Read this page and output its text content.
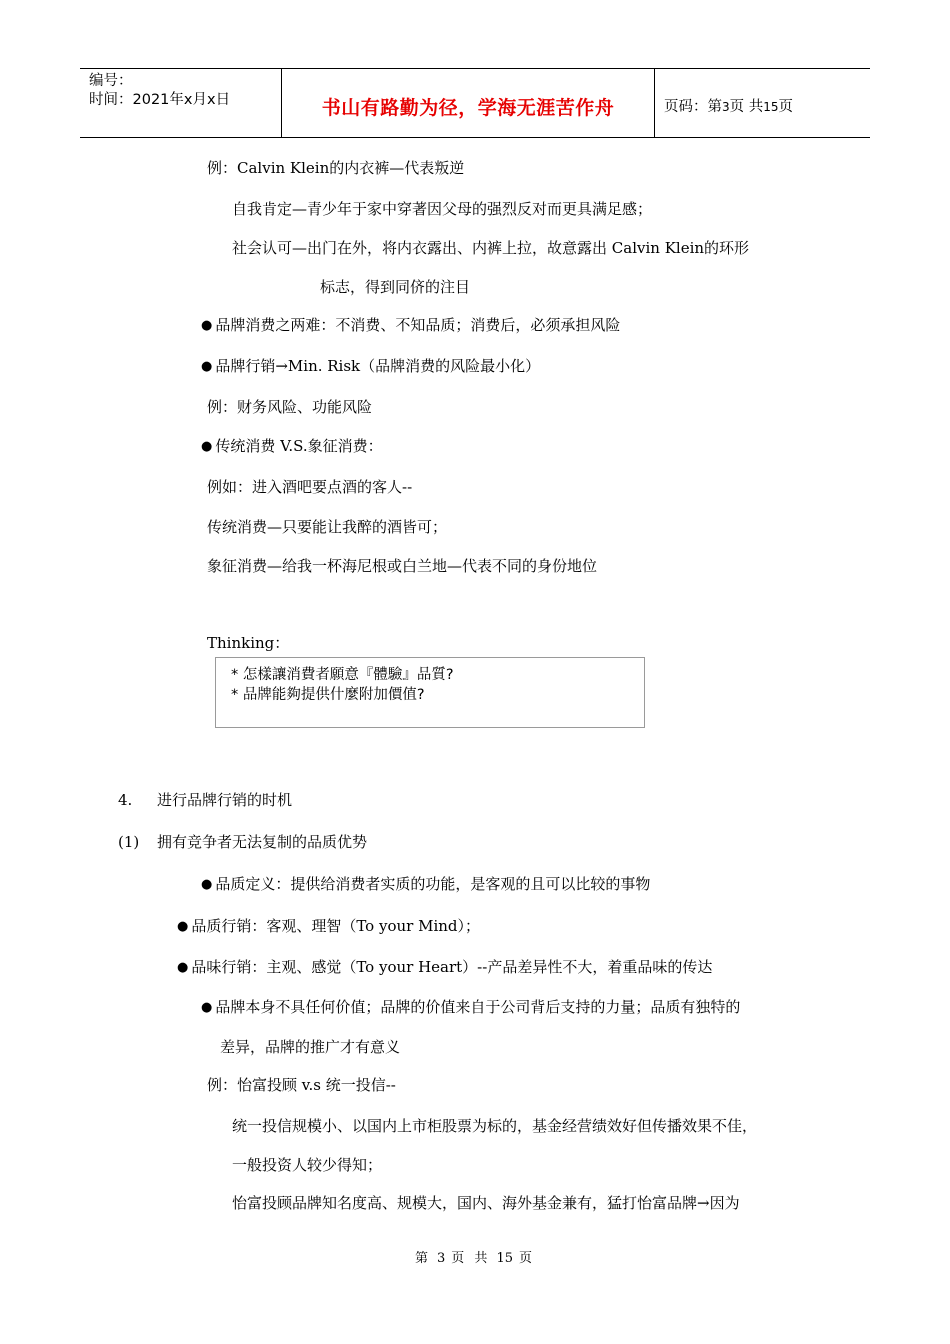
编号：
时间：2021年x月x日	书山有路勤为径，学海无涯苦作舟	页码：第3页 共15页
例：Calvin Klein的内衣裤—代表叛逆
自我肯定—青少年于家中穿著因父母的强烈反对而更具满足感；
社会认可—出门在外，将内衣露出、内裤上拉，故意露出 Calvin Klein的环形
标志，得到同侪的注目
● 品牌消费之两难：不消费、不知品质；消费后，必须承担风险
● 品牌行销→Min. Risk（品牌消费的风险最小化）
例：财务风险、功能风险
● 传统消费 V.S.象征消费：
例如：进入酒吧要点酒的客人--
传统消费—只要能让我醉的酒皆可；
象征消费—给我一杯海尼根或白兰地—代表不同的身份地位
Thinking：
* 怎樣讓消費者願意『體驗』品質?
* 品牌能夠提供什麼附加價值?
4. 进行品牌行销的时机
(1) 拥有竞争者无法复制的品质优势
● 品质定义：提供给消费者实质的功能，是客观的且可以比较的事物
● 品质行销：客观、理智（To your Mind）；
● 品味行销：主观、感觉（To your Heart）--产品差异性不大，着重品味的传达
● 品牌本身不具任何价值；品牌的价值来自于公司背后支持的力量；品质有独特的
差异，品牌的推广才有意义
例：怡富投顾 v.s 统一投信--
统一投信规模小、以国内上市柜股票为标的，基金经营绩效好但传播效果不佳，
一般投资人较少得知；
怡富投顾品牌知名度高、规模大，国内、海外基金兼有，猛打怡富品牌→因为
第 3 页 共 15 页
